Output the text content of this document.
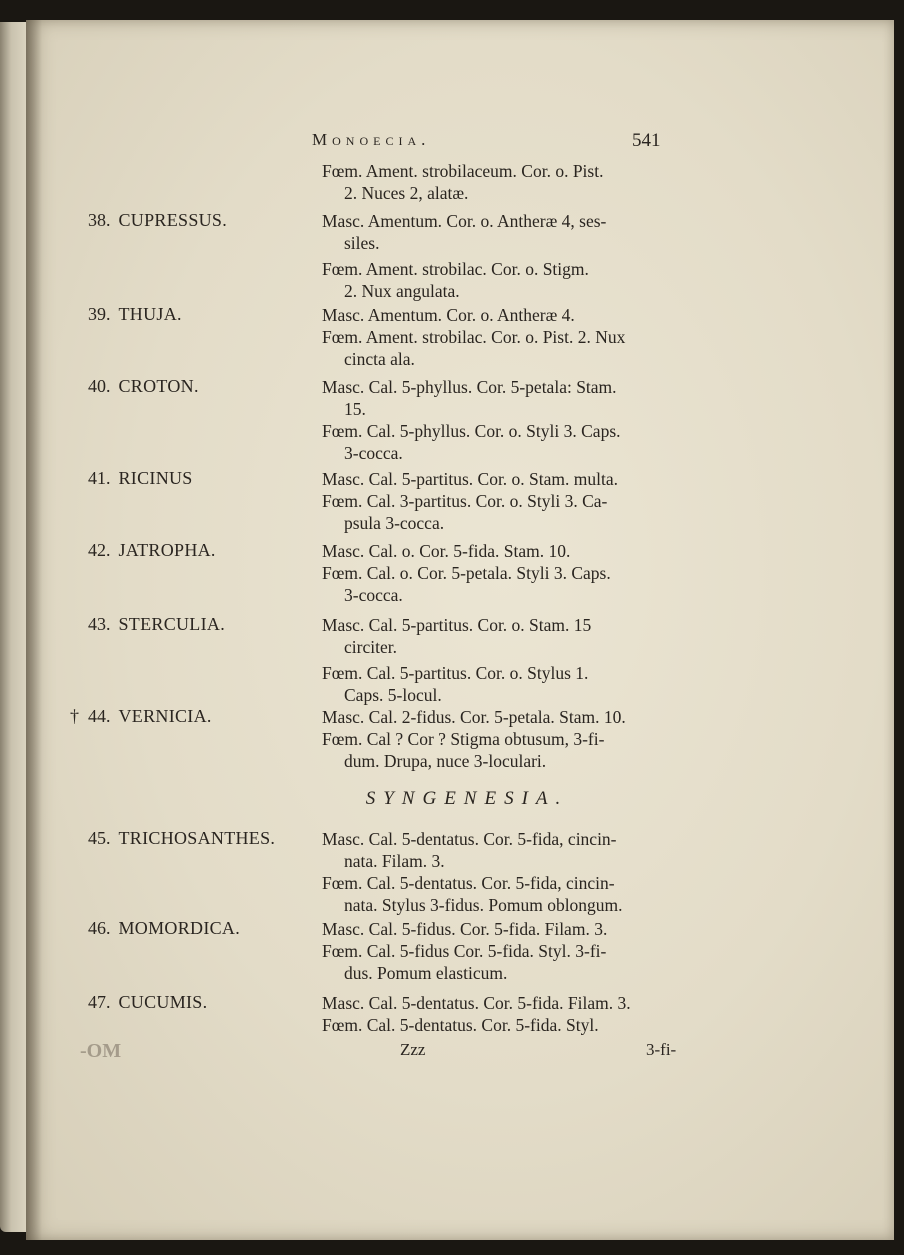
Monoecia.	541
Fœm. Ament. strobilaceum. Cor. o. Pist.
2. Nuces 2, alatæ.
38. CUPRESSUS.	Masc. Amentum. Cor. o. Antheræ 4, ses-
siles.
Fœm. Ament. strobilac. Cor. o. Stigm.
2. Nux angulata.
39. THUJA.	Masc. Amentum. Cor. o. Antheræ 4.
Fœm. Ament. strobilac. Cor. o. Pist. 2. Nux
cincta ala.
40. CROTON.	Masc. Cal. 5-phyllus. Cor. 5-petala: Stam.
15.
Fœm. Cal. 5-phyllus. Cor. o. Styli 3. Caps.
3-cocca.
41. RICINUS	Masc. Cal. 5-partitus. Cor. o. Stam. multa.
Fœm. Cal. 3-partitus. Cor. o. Styli 3. Ca-
psula 3-cocca.
42. JATROPHA.	Masc. Cal. o. Cor. 5-fida. Stam. 10.
Fœm. Cal. o. Cor. 5-petala. Styli 3. Caps.
3-cocca.
43. STERCULIA.	Masc. Cal. 5-partitus. Cor. o. Stam. 15
circiter.
Fœm. Cal. 5-partitus. Cor. o. Stylus 1.
Caps. 5-locul.
† 44. VERNICIA.	Masc. Cal. 2-fidus. Cor. 5-petala. Stam. 10.
Fœm. Cal ? Cor ? Stigma obtusum, 3-fi-
dum. Drupa, nuce 3-loculari.
SYNGENESIA.
45. TRICHOSANTHES.	Masc. Cal. 5-dentatus. Cor. 5-fida, cincin-
nata. Filam. 3.
Fœm. Cal. 5-dentatus. Cor. 5-fida, cincin-
nata. Stylus 3-fidus. Pomum oblongum.
46. MOMORDICA.	Masc. Cal. 5-fidus. Cor. 5-fida. Filam. 3.
Fœm. Cal. 5-fidus Cor. 5-fida. Styl. 3-fi-
dus. Pomum elasticum.
47. CUCUMIS.	Masc. Cal. 5-dentatus. Cor. 5-fida. Filam. 3.
Fœm. Cal. 5-dentatus. Cor. 5-fida. Styl.
-OM	Zzz	3-fi-
